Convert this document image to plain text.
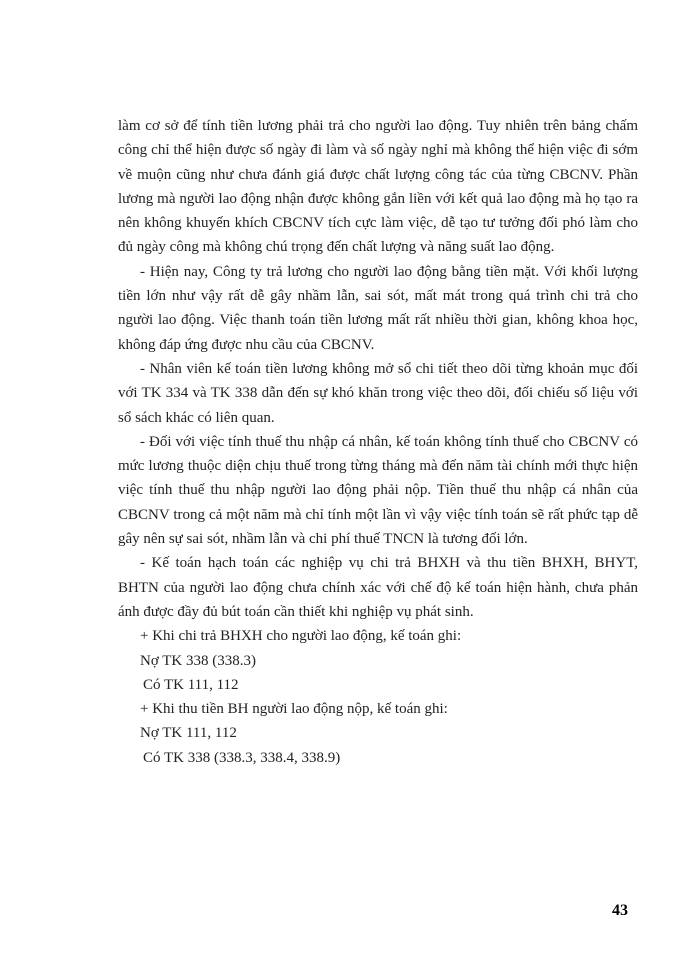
làm cơ sở để tính tiền lương phải trả cho người lao động. Tuy nhiên trên bảng chấm công chỉ thể hiện được số ngày đi làm và số ngày nghỉ mà không thể hiện việc đi sớm về muộn cũng như chưa đánh giá được chất lượng công tác của từng CBCNV. Phần lương mà người lao động nhận được không gắn liền với kết quả lao động mà họ tạo ra nên không khuyến khích CBCNV tích cực làm việc, dễ tạo tư tưởng đối phó làm cho đủ ngày công mà không chú trọng đến chất lượng và năng suất lao động.

- Hiện nay, Công ty trả lương cho người lao động bằng tiền mặt. Với khối lượng tiền lớn như vậy rất dễ gây nhầm lẫn, sai sót, mất mát trong quá trình chi trả cho người lao động. Việc thanh toán tiền lương mất rất nhiều thời gian, không khoa học, không đáp ứng được nhu cầu của CBCNV.

- Nhân viên kế toán tiền lương không mở sổ chi tiết theo dõi từng khoản mục đối với TK 334 và TK 338 dẫn đến sự khó khăn trong việc theo dõi, đối chiếu số liệu với sổ sách khác có liên quan.

- Đối với việc tính thuế thu nhập cá nhân, kế toán không tính thuế cho CBCNV có mức lương thuộc diện chịu thuế trong từng tháng mà đến năm tài chính mới thực hiện việc tính thuế thu nhập người lao động phải nộp. Tiền thuế thu nhập cá nhân của CBCNV trong cả một năm mà chỉ tính một lần vì vậy việc tính toán sẽ rất phức tạp dễ gây nên sự sai sót, nhầm lẫn và chi phí thuế TNCN là tương đối lớn.

- Kế toán hạch toán các nghiệp vụ chi trả BHXH và thu tiền BHXH, BHYT, BHTN của người lao động chưa chính xác với chế độ kế toán hiện hành, chưa phản ánh được đầy đủ bút toán cần thiết khi nghiệp vụ phát sinh.

+ Khi chi trả BHXH cho người lao động, kế toán ghi:

Nợ TK 338 (338.3)

Có TK 111, 112

+ Khi thu tiền BH người lao động nộp, kế toán ghi:

Nợ TK 111, 112

Có TK 338 (338.3, 338.4, 338.9)

43
